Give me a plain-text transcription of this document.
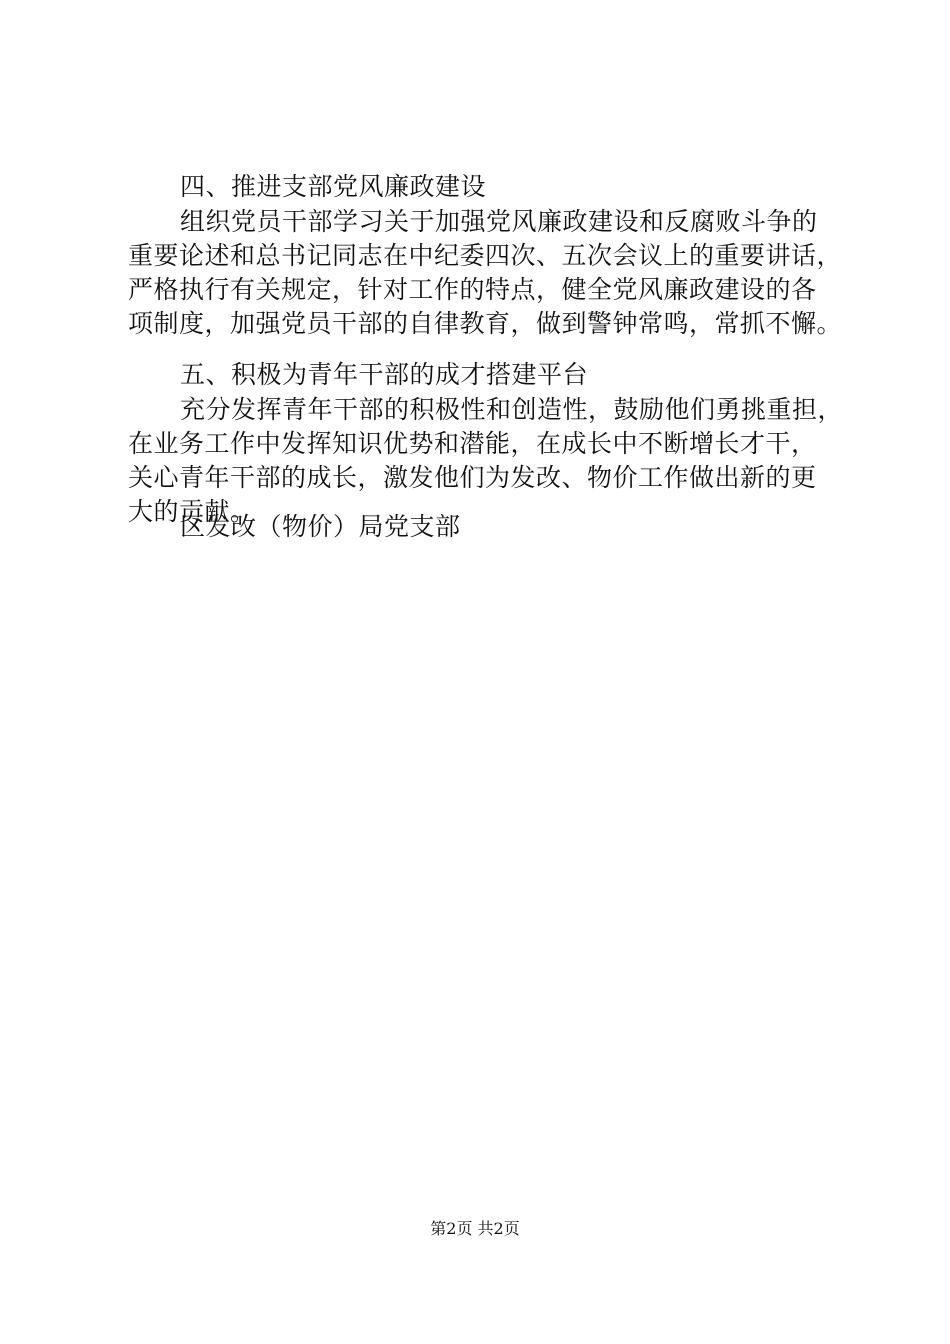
四、推进支部党风廉政建设
组织党员干部学习关于加强党风廉政建设和反腐败斗争的
重要论述和总书记同志在中纪委四次、五次会议上的重要讲话，
严格执行有关规定，针对工作的特点，健全党风廉政建设的各
项制度，加强党员干部的自律教育，做到警钟常鸣，常抓不懈。
五、积极为青年干部的成才搭建平台
充分发挥青年干部的积极性和创造性，鼓励他们勇挑重担，
在业务工作中发挥知识优势和潜能，在成长中不断增长才干，
关心青年干部的成长，激发他们为发改、物价工作做出新的更
大的贡献。
区发改（物价）局党支部
第2页 共2页
